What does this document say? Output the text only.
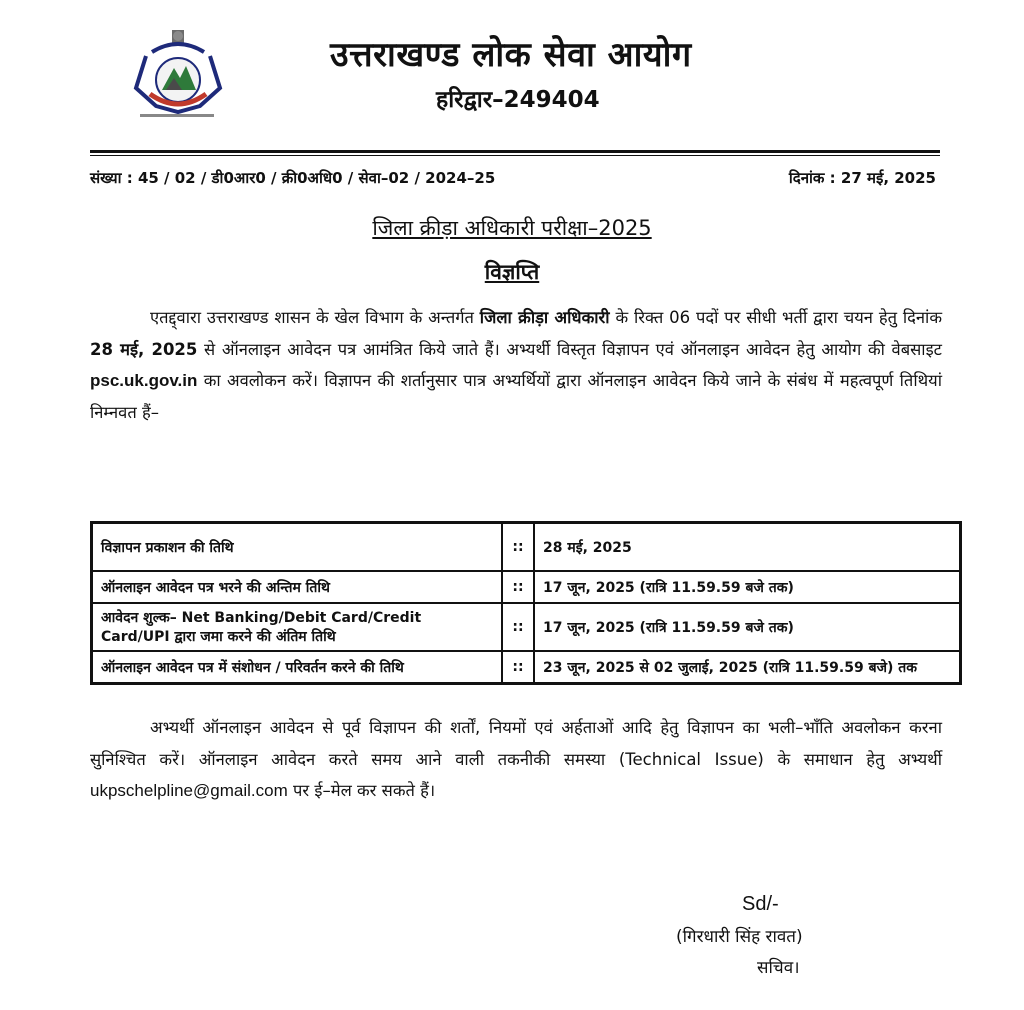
उत्तराखण्ड लोक सेवा आयोग
हरिद्वार–249404
संख्या : 45 / 02 / डी0आर0 / क्री0अधि0 / सेवा–02 / 2024–25	दिनांक : 27 मई, 2025
जिला क्रीड़ा अधिकारी परीक्षा–2025
विज्ञप्ति
एतद्द्वारा उत्तराखण्ड शासन के खेल विभाग के अन्तर्गत जिला क्रीड़ा अधिकारी के रिक्त 06 पदों पर सीधी भर्ती द्वारा चयन हेतु दिनांक 28 मई, 2025 से ऑनलाइन आवेदन पत्र आमंत्रित किये जाते हैं। अभ्यर्थी विस्तृत विज्ञापन एवं ऑनलाइन आवेदन हेतु आयोग की वेबसाइट psc.uk.gov.in का अवलोकन करें। विज्ञापन की शर्तानुसार पात्र अभ्यर्थियों द्वारा ऑनलाइन आवेदन किये जाने के संबंध में महत्वपूर्ण तिथियां निम्नवत हैं–
विज्ञापन प्रकाशन की तिथि	::	28 मई, 2025
ऑनलाइन आवेदन पत्र भरने की अन्तिम तिथि	::	17 जून, 2025 (रात्रि 11.59.59 बजे तक)
आवेदन शुल्क– Net Banking/Debit Card/Credit Card/UPI द्वारा जमा करने की अंतिम तिथि	::	17 जून, 2025 (रात्रि 11.59.59 बजे तक)
ऑनलाइन आवेदन पत्र में संशोधन / परिवर्तन करने की तिथि	::	23 जून, 2025 से 02 जुलाई, 2025 (रात्रि 11.59.59 बजे) तक
अभ्यर्थी ऑनलाइन आवेदन से पूर्व विज्ञापन की शर्तों, नियमों एवं अर्हताओं आदि हेतु विज्ञापन का भली–भाँति अवलोकन करना सुनिश्चित करें। ऑनलाइन आवेदन करते समय आने वाली तकनीकी समस्या (Technical Issue) के समाधान हेतु अभ्यर्थी ukpschelpline@gmail.com पर ई–मेल कर सकते हैं।
Sd/-
(गिरधारी सिंह रावत)
सचिव।
